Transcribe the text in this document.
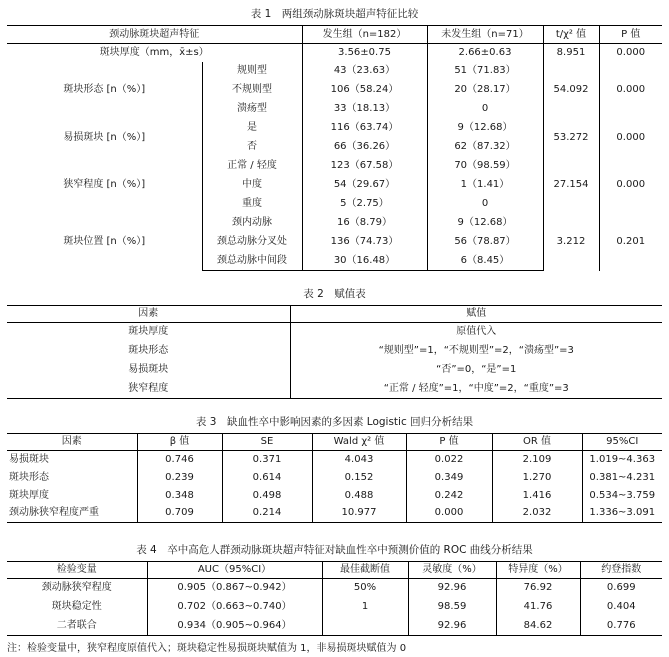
表 1　两组颈动脉斑块超声特征比较
颈动脉斑块超声特征		发生组（n=182）	未发生组（n=71）	t/χ² 值	P 值
斑块厚度（mm，x̄±s）		3.56±0.75	2.66±0.63	8.951	0.000
斑块形态 [n（%）]	规则型	43（23.63）	51（71.83）	54.092	0.000
	不规则型	106（58.24）	20（28.17）		
	溃疡型	33（18.13）	0		
易损斑块 [n（%）]	是	116（63.74）	9（12.68）	53.272	0.000
	否	66（36.26）	62（87.32）		
狭窄程度 [n（%）]	正常 / 轻度	123（67.58）	70（98.59）	27.154	0.000
	中度	54（29.67）	1（1.41）		
	重度	5（2.75）	0		
斑块位置 [n（%）]	颈内动脉	16（8.79）	9（12.68）	3.212	0.201
	颈总动脉分叉处	136（74.73）	56（78.87）		
	颈总动脉中间段	30（16.48）	6（8.45）		
表 2　赋值表
因素	赋值
斑块厚度	原值代入
斑块形态	“规则型”=1，“不规则型”=2，“溃疡型”=3
易损斑块	“否”=0，“是”=1
狭窄程度	“正常 / 轻度”=1，“中度”=2，“重度”=3
表 3　缺血性卒中影响因素的多因素 Logistic 回归分析结果
因素	β 值	SE	Wald χ² 值	P 值	OR 值	95%CI
易损斑块	0.746	0.371	4.043	0.022	2.109	1.019~4.363
斑块形态	0.239	0.614	0.152	0.349	1.270	0.381~4.231
斑块厚度	0.348	0.498	0.488	0.242	1.416	0.534~3.759
颈动脉狭窄程度严重	0.709	0.214	10.977	0.000	2.032	1.336~3.091
表 4　卒中高危人群颈动脉斑块超声特征对缺血性卒中预测价值的 ROC 曲线分析结果
检验变量	AUC（95%CI）	最佳截断值	灵敏度（%）	特异度（%）	约登指数
颈动脉狭窄程度	0.905（0.867~0.942）	50%	92.96	76.92	0.699
斑块稳定性	0.702（0.663~0.740）	1	98.59	41.76	0.404
二者联合	0.934（0.905~0.964）		92.96	84.62	0.776
注：检验变量中，狭窄程度原值代入；斑块稳定性易损斑块赋值为 1，非易损斑块赋值为 0
